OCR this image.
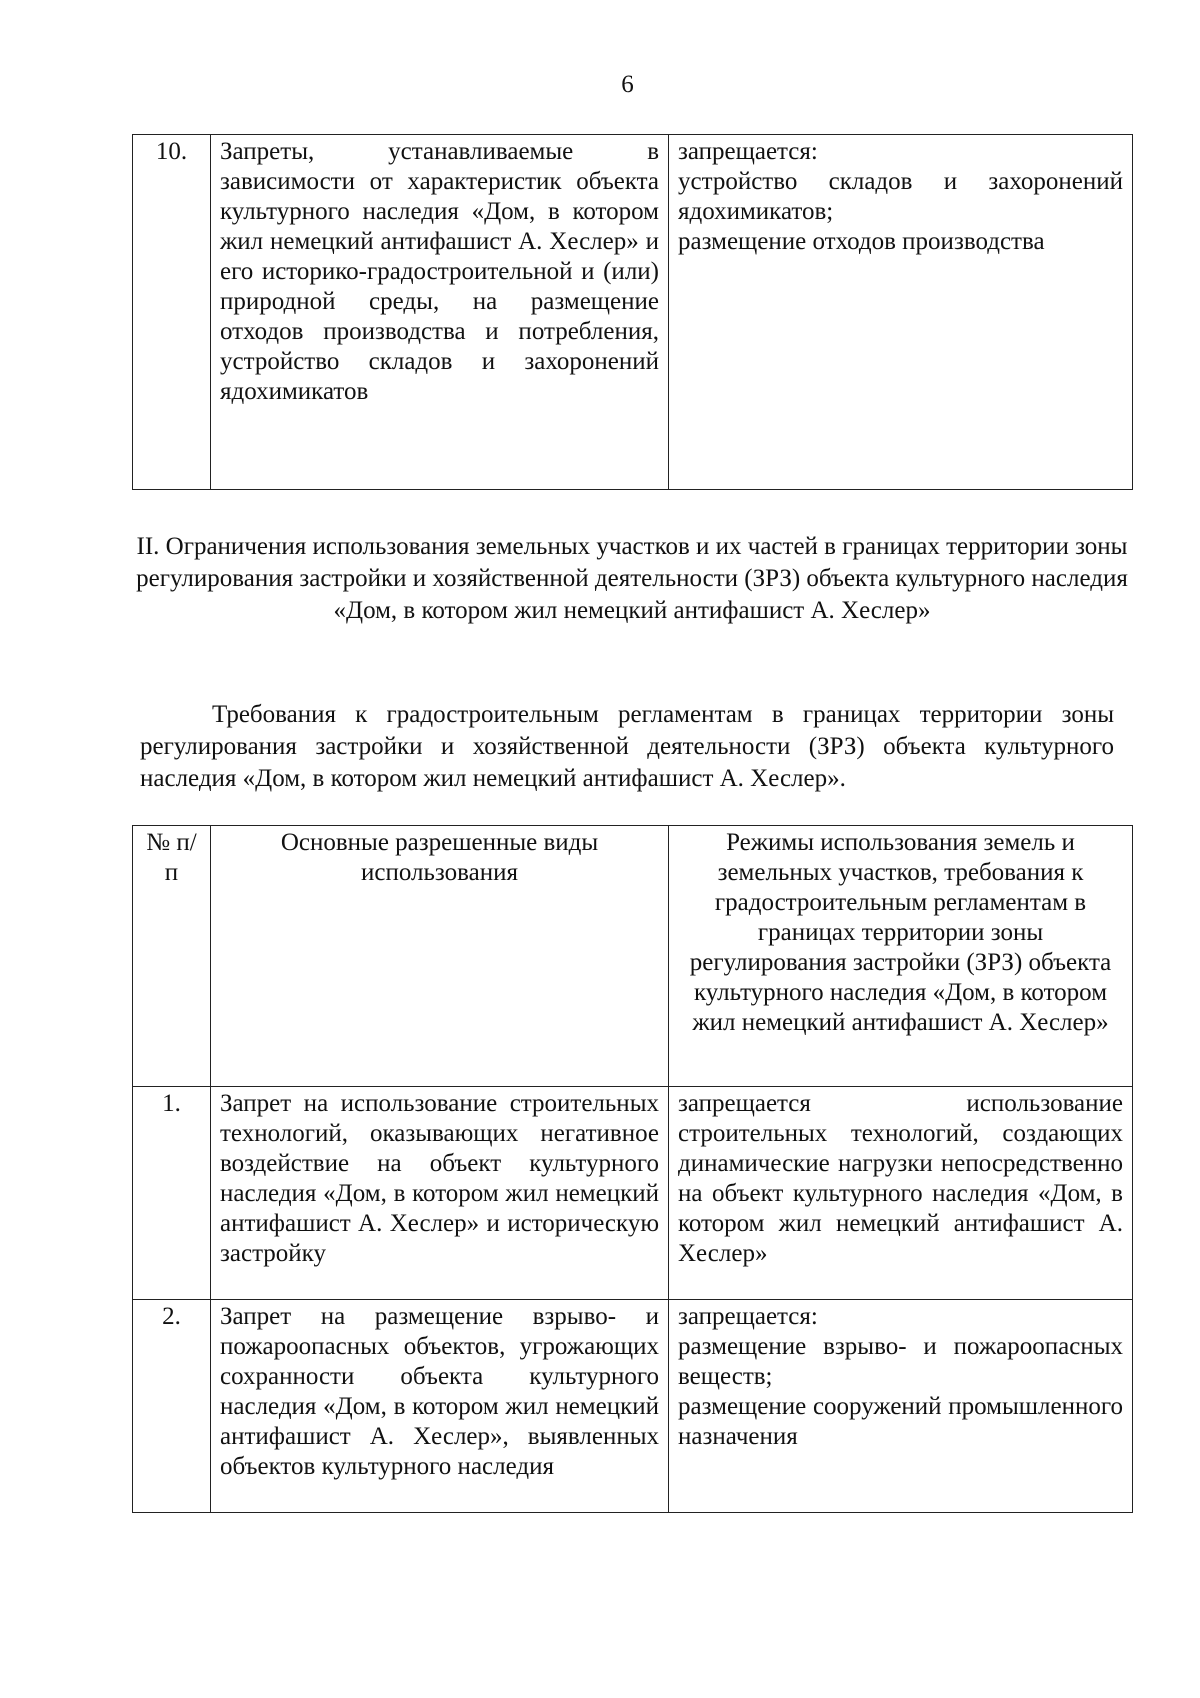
6
10.	Запреты, устанавливаемые в зависимости от характеристик объекта культурного наследия «Дом, в котором жил немецкий антифашист А. Хеслер» и его историко-градостроительной и (или) природной среды, на размещение отходов производства и потребления, устройство складов и захоронений ядохимикатов	
запрещается:
устройство складов и захоронений ядохимикатов;
размещение отходов производства
II. Ограничения использования земельных участков и их частей в границах территории зоны регулирования застройки и хозяйственной деятельности (ЗРЗ) объекта культурного наследия «Дом, в котором жил немецкий антифашист А. Хеслер»
Требования к градостроительным регламентам в границах территории зоны регулирования застройки и хозяйственной деятельности (ЗРЗ) объекта культурного наследия «Дом, в котором жил немецкий антифашист А. Хеслер».
№ п/п	Основные разрешенные виды использования	Режимы использования земель и земельных участков, требования к градостроительным регламентам в границах территории зоны регулирования застройки (ЗРЗ) объекта культурного наследия «Дом, в котором жил немецкий антифашист А. Хеслер»
1.	Запрет на использование строительных технологий, оказывающих негативное воздействие на объект культурного наследия «Дом, в котором жил немецкий антифашист А. Хеслер» и историческую застройку	запрещается использование строительных технологий, создающих динамические нагрузки непосредственно на объект культурного наследия «Дом, в котором жил немецкий антифашист А. Хеслер»

2.	Запрет на размещение взрыво- и пожароопасных объектов, угрожающих сохранности объекта культурного наследия «Дом, в котором жил немецкий антифашист А. Хеслер», выявленных объектов культурного наследия	запрещается:
размещение взрыво- и пожароопасных веществ;
размещение сооружений промышленного назначения
